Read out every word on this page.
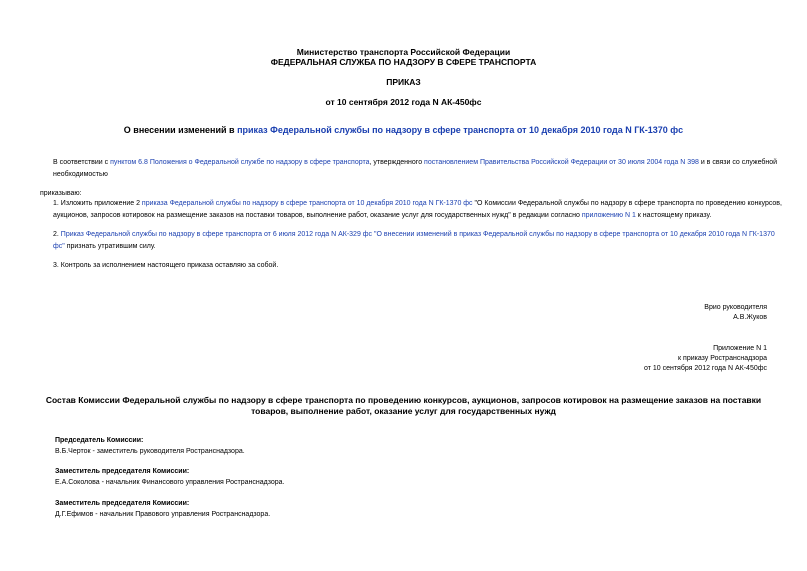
Министерство транспорта Российской Федерации
ФЕДЕРАЛЬНАЯ СЛУЖБА ПО НАДЗОРУ В СФЕРЕ ТРАНСПОРТА
ПРИКАЗ
от 10 сентября 2012 года N АК-450фс
О внесении изменений в приказ Федеральной службы по надзору в сфере транспорта от 10 декабря 2010 года N ГК-1370 фс
В соответствии с пунктом 6.8 Положения о Федеральной службе по надзору в сфере транспорта, утвержденного постановлением Правительства Российской Федерации от 30 июля 2004 года N 398 и в связи со служебной необходимостью
приказываю:
1. Изложить приложение 2 приказа Федеральной службы по надзору в сфере транспорта от 10 декабря 2010 года N ГК-1370 фс "О Комиссии Федеральной службы по надзору в сфере транспорта по проведению конкурсов, аукционов, запросов котировок на размещение заказов на поставки товаров, выполнение работ, оказание услуг для государственных нужд" в редакции согласно приложению N 1 к настоящему приказу.
2. Приказ Федеральной службы по надзору в сфере транспорта от 6 июля 2012 года N АК-329 фс "О внесении изменений в приказ Федеральной службы по надзору в сфере транспорта от 10 декабря 2010 года N ГК-1370 фс" признать утратившим силу.
3. Контроль за исполнением настоящего приказа оставляю за собой.
Врио руководителя
А.В.Жуков
Приложение N 1
к приказу Ространснадзора
от 10 сентября 2012 года N АК-450фс
Состав Комиссии Федеральной службы по надзору в сфере транспорта по проведению конкурсов, аукционов, запросов котировок на размещение заказов на поставки товаров, выполнение работ, оказание услуг для государственных нужд
Председатель Комиссии:
В.Б.Черток - заместитель руководителя Ространснадзора.
Заместитель председателя Комиссии:
Е.А.Соколова - начальник Финансового управления Ространснадзора.
Заместитель председателя Комиссии:
Д.Г.Ефимов - начальник Правового управления Ространснадзора.
